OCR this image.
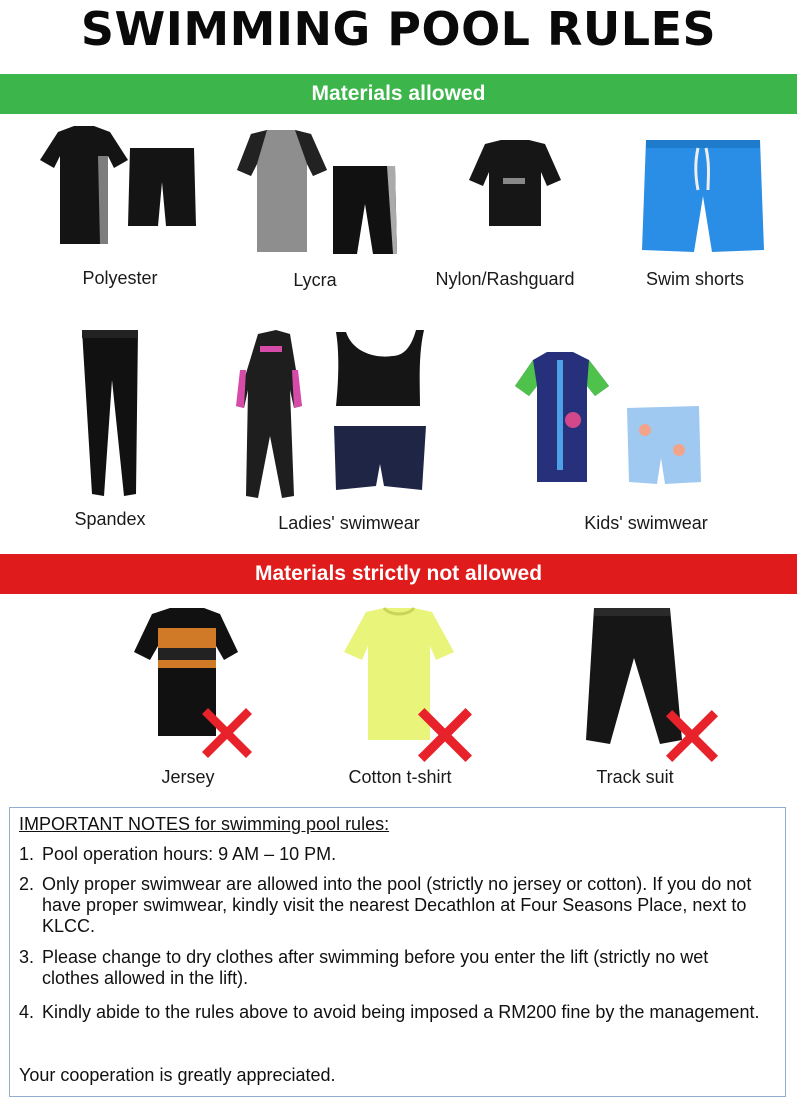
SWIMMING POOL RULES
Materials allowed
Polyester	Lycra	Nylon/Rashguard	Swim shorts
Spandex	Ladies' swimwear	Kids' swimwear
Materials strictly not allowed
Jersey	Cotton t-shirt	Track suit
IMPORTANT NOTES for swimming pool rules:
1. Pool operation hours: 9 AM – 10 PM.
2. Only proper swimwear are allowed into the pool (strictly no jersey or cotton). If you do not have proper swimwear, kindly visit the nearest Decathlon at Four Seasons Place, next to KLCC.
3. Please change to dry clothes after swimming before you enter the lift (strictly no wet clothes allowed in the lift).
4. Kindly abide to the rules above to avoid being imposed a RM200 fine by the management.
Your cooperation is greatly appreciated.
